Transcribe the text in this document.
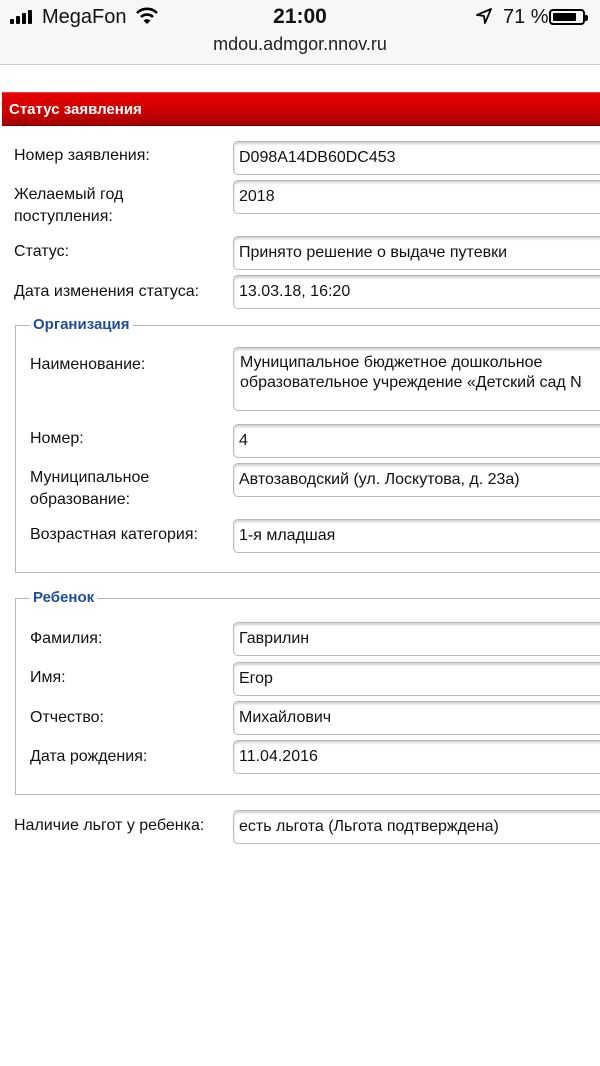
MegaFon	21:00	71 %
mdou.admgor.nnov.ru
Статус заявления
Номер заявления:	D098A14DB60DC453
Желаемый год
поступления:
2018
Статус:	Принято решение о выдаче путевки
Дата изменения статуса:	13.03.18, 16:20
Организация
Наименование:	Муниципальное бюджетное дошкольное образовательное учреждение «Детский сад N
Номер:	4
Муниципальное
образование:
Автозаводский (ул. Лоскутова, д. 23а)
Возрастная категория:	1-я младшая
Ребенок
Фамилия:	Гаврилин
Имя:	Егор
Отчество:	Михайлович
Дата рождения:	11.04.2016
Наличие льгот у ребенка:	есть льгота (Льгота подтверждена)
